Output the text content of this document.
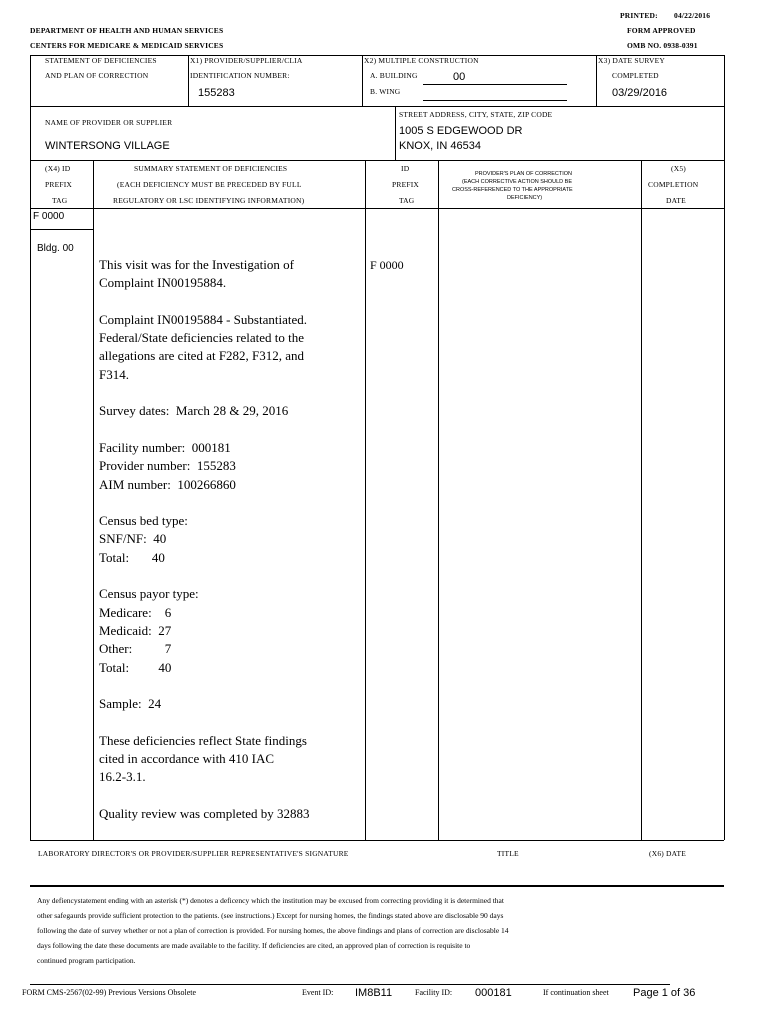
PRINTED: 04/22/2016
DEPARTMENT OF HEALTH AND HUMAN SERVICES	FORM APPROVED
CENTERS FOR MEDICARE & MEDICAID SERVICES	OMB NO. 0938-0391
STATEMENT OF DEFICIENCIES
AND PLAN OF CORRECTION
X1) PROVIDER/SUPPLIER/CLIA
IDENTIFICATION NUMBER:
155283
X2) MULTIPLE CONSTRUCTION
A. BUILDING	00
B. WING
X3) DATE SURVEY
COMPLETED
03/29/2016
NAME OF PROVIDER OR SUPPLIER
WINTERSONG VILLAGE
STREET ADDRESS, CITY, STATE, ZIP CODE
1005 S EDGEWOOD DR
KNOX, IN 46534
(X4) ID
PREFIX
TAG
SUMMARY STATEMENT OF DEFICIENCIES
(EACH DEFICIENCY MUST BE PRECEDED BY FULL
REGULATORY OR LSC IDENTIFYING INFORMATION)
ID
PREFIX
TAG
PROVIDER'S PLAN OF CORRECTION
(EACH CORRECTIVE ACTION SHOULD BE
CROSS-REFERENCED TO THE APPROPRIATE
DEFICIENCY)
(X5)
COMPLETION
DATE
F 0000
Bldg. 00
F 0000

This visit was for the Investigation of
Complaint IN00195884.

Complaint IN00195884 - Substantiated.
Federal/State deficiencies related to the
allegations are cited at F282, F312, and
F314.

Survey dates:  March 28 & 29, 2016

Facility number:  000181
Provider number:  155283
AIM number:  100266860

Census bed type:
SNF/NF:  40
Total:       40

Census payor type:
Medicare:    6
Medicaid:  27
Other:          7
Total:         40

Sample:  24

These deficiencies reflect State findings
cited in accordance with 410 IAC
16.2-3.1.

Quality review was completed by 32883

LABORATORY DIRECTOR'S OR PROVIDER/SUPPLIER REPRESENTATIVE'S SIGNATURE	TITLE	(X6) DATE
Any defiencystatement ending with an asterisk (*) denotes a deficency which the institution may be excused from correcting providing it is determined that
other safegaurds provide sufficient protection to the patients. (see instructions.) Except for nursing homes, the findings stated above are disclosable 90 days
following the date of survey whether or not a plan of correction is provided. For nursing homes, the above findings and plans of correction are disclosable 14
days following the date these documents are made available to the facility. If deficiencies are cited, an approved plan of correction is requisite to
continued program participation.
FORM CMS-2567(02-99) Previous Versions Obsolete	Event ID: IM8B11	Facility ID: 000181	If continuation sheet Page 1 of 36
